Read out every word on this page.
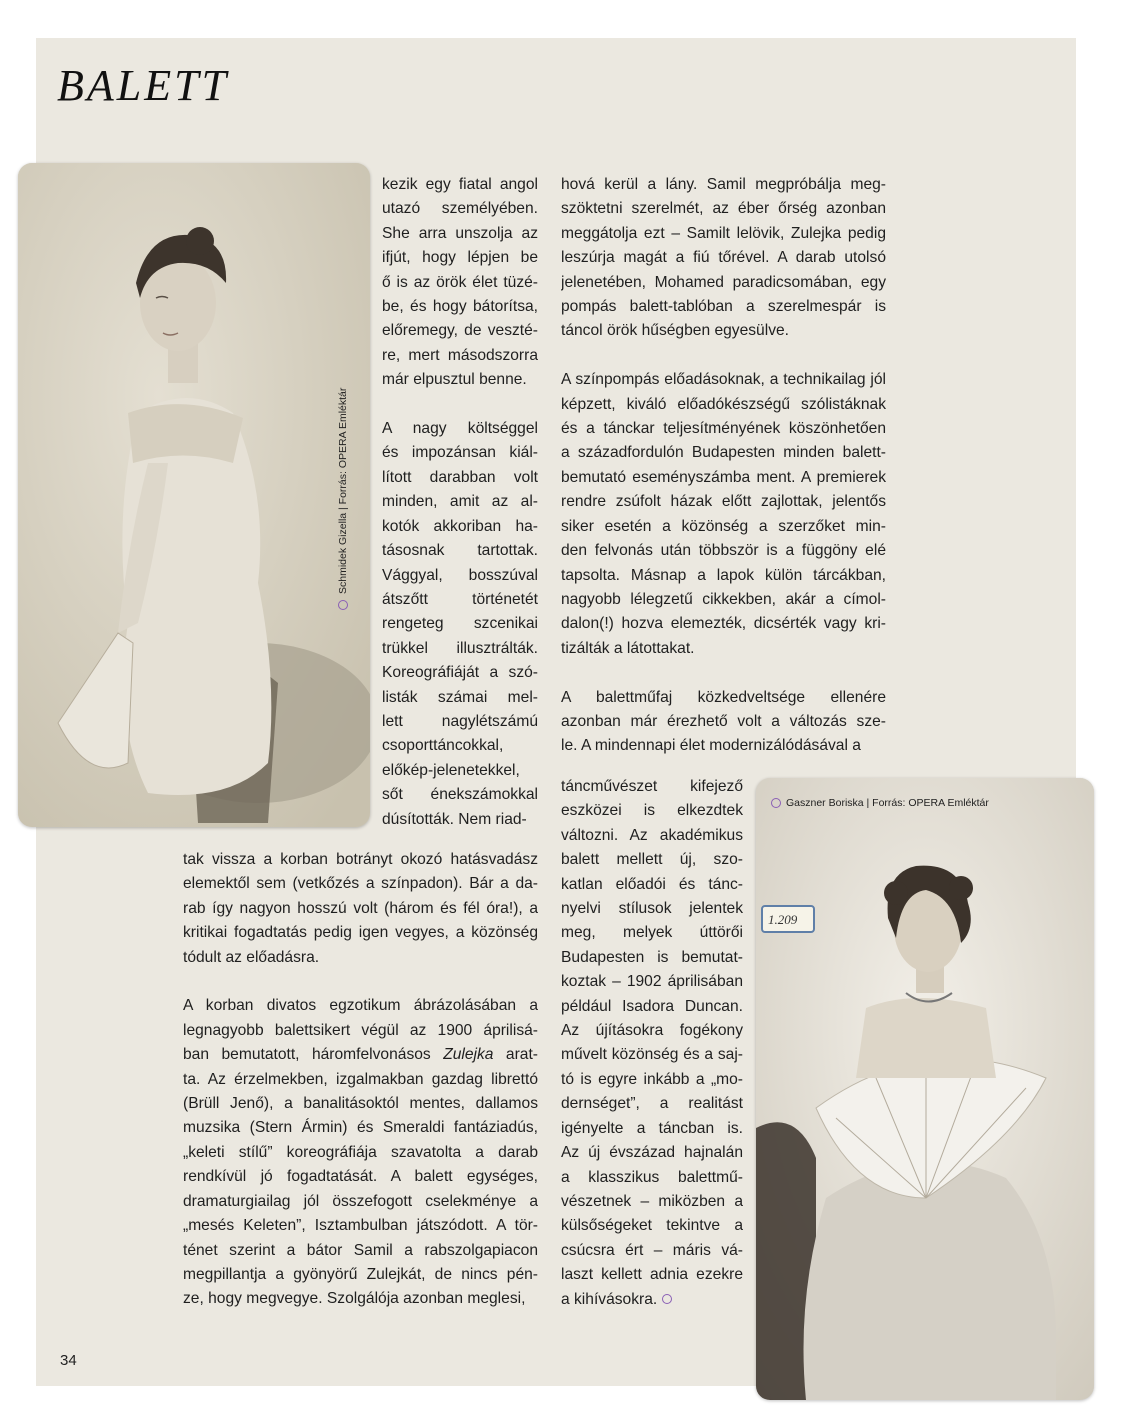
BALETT
Schmidek Gizella | Forrás: OPERA Emléktár
1.209
Gaszner Boriska | Forrás: OPERA Emléktár
kezik egy fiatal angol
utazó személyében.
She arra unszolja az
ifjút, hogy lépjen be
ő is az örök élet tüzé-
be, és hogy bátorítsa,
előremegy, de veszté-
re, mert másodszorra
már elpusztul benne.

A nagy költséggel
és impozánsan kiál-
lított darabban volt
minden, amit az al-
kotók akkoriban ha-
tásosnak tartottak.
Vággyal, bosszúval
átszőtt történetét
rengeteg szcenikai
trükkel illusztrálták.
Koreográfiáját a szó-
listák számai mel-
lett nagylétszámú
csoporttáncokkal,
előkép-jelenetekkel,
sőt énekszámokkal
dúsították. Nem riad-
tak vissza a korban botrányt okozó hatásvadász
elemektől sem (vetkőzés a színpadon). Bár a da-
rab így nagyon hosszú volt (három és fél óra!), a
kritikai fogadtatás pedig igen vegyes, a közönség
tódult az előadásra.

A korban divatos egzotikum ábrázolásában a
legnagyobb balettsikert végül az 1900 áprilisá-
ban bemutatott, háromfelvonásos Zulejka arat-
ta. Az érzelmekben, izgalmakban gazdag librettó
(Brüll Jenő), a banalitásoktól mentes, dallamos
muzsika (Stern Ármin) és Smeraldi fantáziadús,
„keleti stílű” koreográfiája szavatolta a darab
rendkívül jó fogadtatását. A balett egységes,
dramaturgiailag jól összefogott cselekménye a
„mesés Keleten”, Isztambulban játszódott. A tör-
ténet szerint a bátor Samil a rabszolgapiacon
megpillantja a gyönyörű Zulejkát, de nincs pén-
ze, hogy megvegye. Szolgálója azonban meglesi,
hová kerül a lány. Samil megpróbálja meg-
szöktetni szerelmét, az éber őrség azonban
meggátolja ezt – Samilt lelövik, Zulejka pedig
leszúrja magát a fiú tőrével. A darab utolsó
jelenetében, Mohamed paradicsomában, egy
pompás balett-tablóban a szerelmespár is
táncol örök hűségben egyesülve.

A színpompás előadásoknak, a technikailag jól
képzett, kiváló előadókészségű szólistáknak
és a tánckar teljesítményének köszönhetően
a századfordulón Budapesten minden balett-
bemutató eseményszámba ment. A premierek
rendre zsúfolt házak előtt zajlottak, jelentős
siker esetén a közönség a szerzőket min-
den felvonás után többször is a függöny elé
tapsolta. Másnap a lapok külön tárcákban,
nagyobb lélegzetű cikkekben, akár a címol-
dalon(!) hozva elemezték, dicsérték vagy kri-
tizálták a látottakat.

A balettműfaj közkedveltsége ellenére
azonban már érezhető volt a változás sze-
le. A mindennapi élet modernizálódásával a
táncművészet kifejező
eszközei is elkezdtek
változni. Az akadémikus
balett mellett új, szo-
katlan előadói és tánc-
nyelvi stílusok jelentek
meg, melyek úttörői
Budapesten is bemutat-
koztak – 1902 áprilisában
például Isadora Duncan.
Az újításokra fogékony
művelt közönség és a saj-
tó is egyre inkább a „mo-
dernséget”, a realitást
igényelte a táncban is.
Az új évszázad hajnalán
a klasszikus balettmű-
vészetnek – miközben a
külsőségeket tekintve a
csúcsra ért – máris vá-
laszt kellett adnia ezekre
a kihívásokra.

34
